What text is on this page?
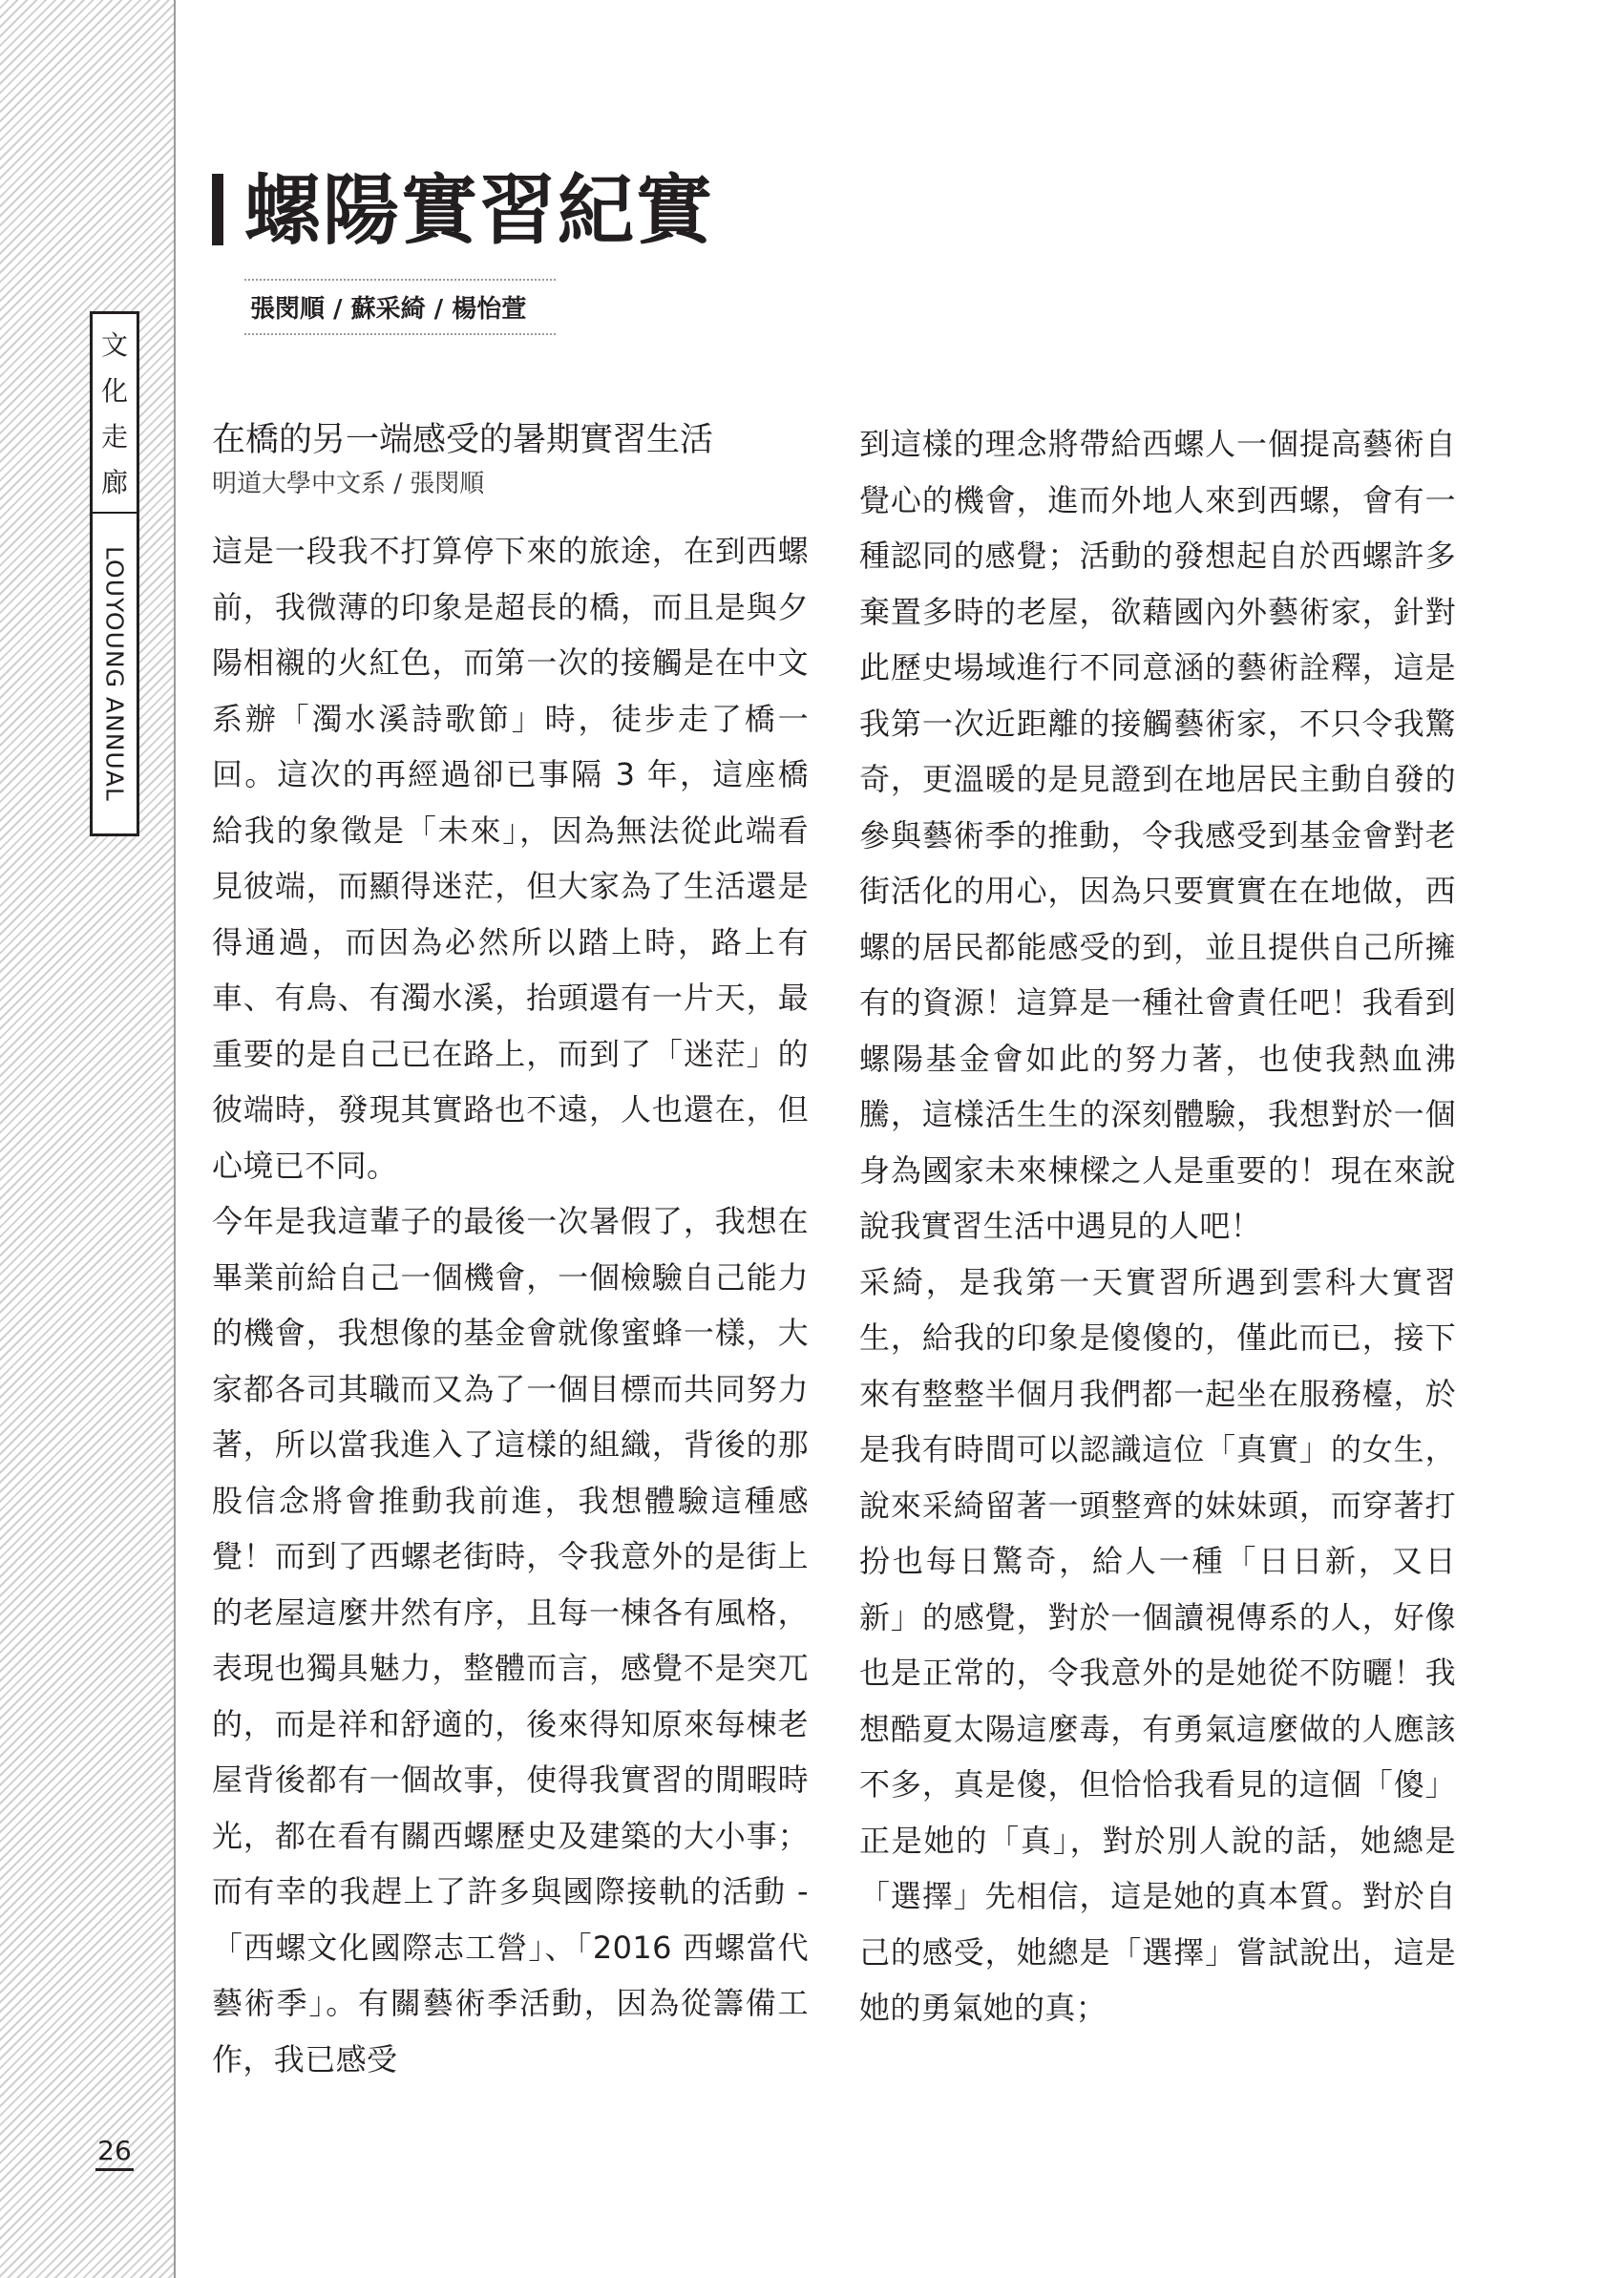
文
化
走
廊
LOUYOUNG ANNUAL
26
螺陽實習紀實
張閔順 / 蘇采綺 / 楊怡萱
在橋的另一端感受的暑期實習生活
明道大學中文系 / 張閔順

這是一段我不打算停下來的旅途，在到西螺前，我微薄的印象是超長的橋，而且是與夕陽相襯的火紅色，而第一次的接觸是在中文系辦「濁水溪詩歌節」時，徒步走了橋一回。這次的再經過卻已事隔 3 年，這座橋給我的象徵是「未來」，因為無法從此端看見彼端，而顯得迷茫，但大家為了生活還是得通過，而因為必然所以踏上時，路上有車、有鳥、有濁水溪，抬頭還有一片天，最重要的是自己已在路上，而到了「迷茫」的彼端時，發現其實路也不遠，人也還在，但心境已不同。

今年是我這輩子的最後一次暑假了，我想在畢業前給自己一個機會，一個檢驗自己能力的機會，我想像的基金會就像蜜蜂一樣，大家都各司其職而又為了一個目標而共同努力著，所以當我進入了這樣的組織，背後的那股信念將會推動我前進，我想體驗這種感覺！而到了西螺老街時，令我意外的是街上的老屋這麼井然有序，且每一棟各有風格，表現也獨具魅力，整體而言，感覺不是突兀的，而是祥和舒適的，後來得知原來每棟老屋背後都有一個故事，使得我實習的閒暇時光，都在看有關西螺歷史及建築的大小事；而有幸的我趕上了許多與國際接軌的活動 -「西螺文化國際志工營」、「2016 西螺當代藝術季」。有關藝術季活動，因為從籌備工作，我已感受

到這樣的理念將帶給西螺人一個提高藝術自覺心的機會，進而外地人來到西螺，會有一種認同的感覺；活動的發想起自於西螺許多棄置多時的老屋，欲藉國內外藝術家，針對此歷史場域進行不同意涵的藝術詮釋，這是我第一次近距離的接觸藝術家，不只令我驚奇，更溫暖的是見證到在地居民主動自發的參與藝術季的推動，令我感受到基金會對老街活化的用心，因為只要實實在在地做，西螺的居民都能感受的到，並且提供自己所擁有的資源！這算是一種社會責任吧！我看到螺陽基金會如此的努力著，也使我熱血沸騰，這樣活生生的深刻體驗，我想對於一個身為國家未來棟樑之人是重要的！現在來說說我實習生活中遇見的人吧！

采綺，是我第一天實習所遇到雲科大實習生，給我的印象是傻傻的，僅此而已，接下來有整整半個月我們都一起坐在服務檯，於是我有時間可以認識這位「真實」的女生，說來采綺留著一頭整齊的妹妹頭，而穿著打扮也每日驚奇，給人一種「日日新，又日新」的感覺，對於一個讀視傳系的人，好像也是正常的，令我意外的是她從不防曬！我想酷夏太陽這麼毒，有勇氣這麼做的人應該不多，真是傻，但恰恰我看見的這個「傻」正是她的「真」，對於別人說的話，她總是「選擇」先相信，這是她的真本質。對於自己的感受，她總是「選擇」嘗試說出，這是她的勇氣她的真；
